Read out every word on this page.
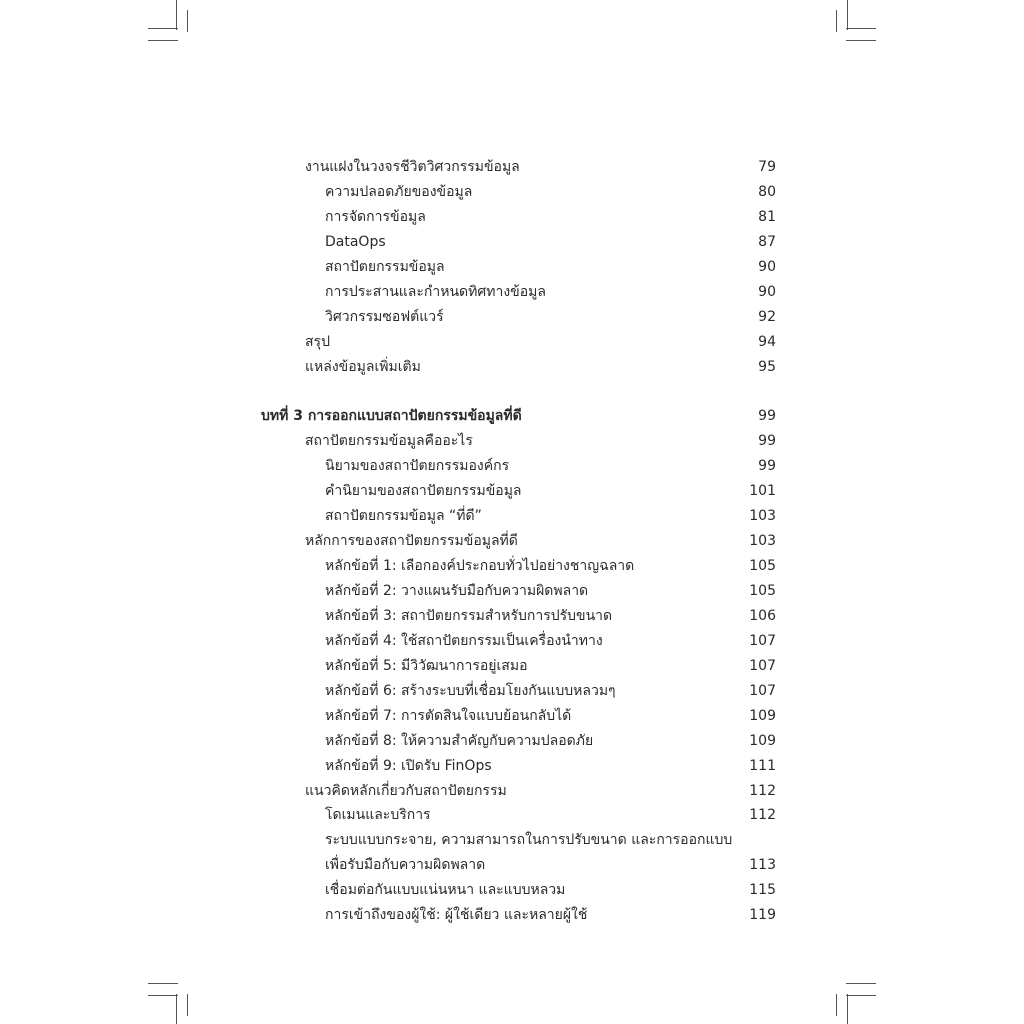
งานแฝงในวงจรชีวิตวิศวกรรมข้อมูล	79
ความปลอดภัยของข้อมูล	80
การจัดการข้อมูล	81
DataOps	87
สถาปัตยกรรมข้อมูล	90
การประสานและกำหนดทิศทางข้อมูล	90
วิศวกรรมซอฟต์แวร์	92
สรุป	94
แหล่งข้อมูลเพิ่มเติม	95
บทที่ 3 การออกแบบสถาปัตยกรรมข้อมูลที่ดี	99
สถาปัตยกรรมข้อมูลคืออะไร	99
นิยามของสถาปัตยกรรมองค์กร	99
คำนิยามของสถาปัตยกรรมข้อมูล	101
สถาปัตยกรรมข้อมูล “ที่ดี”	103
หลักการของสถาปัตยกรรมข้อมูลที่ดี	103
หลักข้อที่ 1: เลือกองค์ประกอบทั่วไปอย่างชาญฉลาด	105
หลักข้อที่ 2: วางแผนรับมือกับความผิดพลาด	105
หลักข้อที่ 3: สถาปัตยกรรมสำหรับการปรับขนาด	106
หลักข้อที่ 4: ใช้สถาปัตยกรรมเป็นเครื่องนำทาง	107
หลักข้อที่ 5: มีวิวัฒนาการอยู่เสมอ	107
หลักข้อที่ 6: สร้างระบบที่เชื่อมโยงกันแบบหลวมๆ	107
หลักข้อที่ 7: การตัดสินใจแบบย้อนกลับได้	109
หลักข้อที่ 8: ให้ความสำคัญกับความปลอดภัย	109
หลักข้อที่ 9: เปิดรับ FinOps	111
แนวคิดหลักเกี่ยวกับสถาปัตยกรรม	112
โดเมนและบริการ	112
ระบบแบบกระจาย, ความสามารถในการปรับขนาด และการออกแบบ
เพื่อรับมือกับความผิดพลาด	113
เชื่อมต่อกันแบบแน่นหนา และแบบหลวม	115
การเข้าถึงของผู้ใช้: ผู้ใช้เดียว และหลายผู้ใช้	119
